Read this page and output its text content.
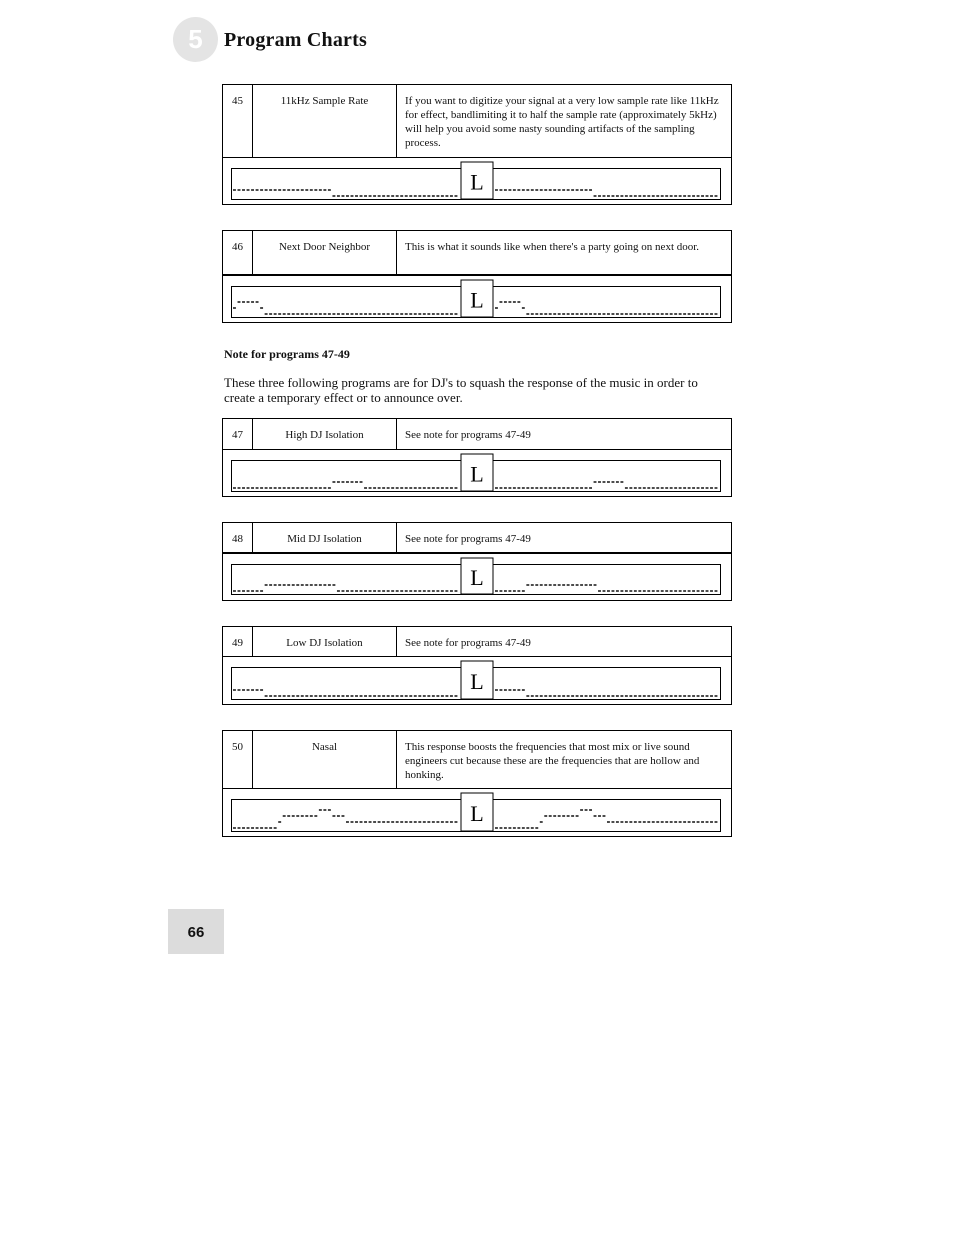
5	Program Charts
45	11kHz Sample Rate	If you want to digitize your signal at a very low sample rate like 11kHz for effect, bandlimiting it to half the sample rate (approximately 5kHz) will help you avoid some nasty sounding artifacts of the sampling process.
L
46	Next Door Neighbor	This is what it sounds like when there's a party going on next door.
L
Note for programs 47-49
These three following programs are for DJ's to squash the response of the music in order to create a temporary effect or to announce over.
47	High DJ Isolation	See note for programs 47-49
L
48	Mid DJ Isolation	See note for programs 47-49
L
49	Low DJ Isolation	See note for programs 47-49
L
50	Nasal	This response boosts the frequencies that most mix or live sound engineers cut because these are the frequencies that are hollow and honking.
L
66
